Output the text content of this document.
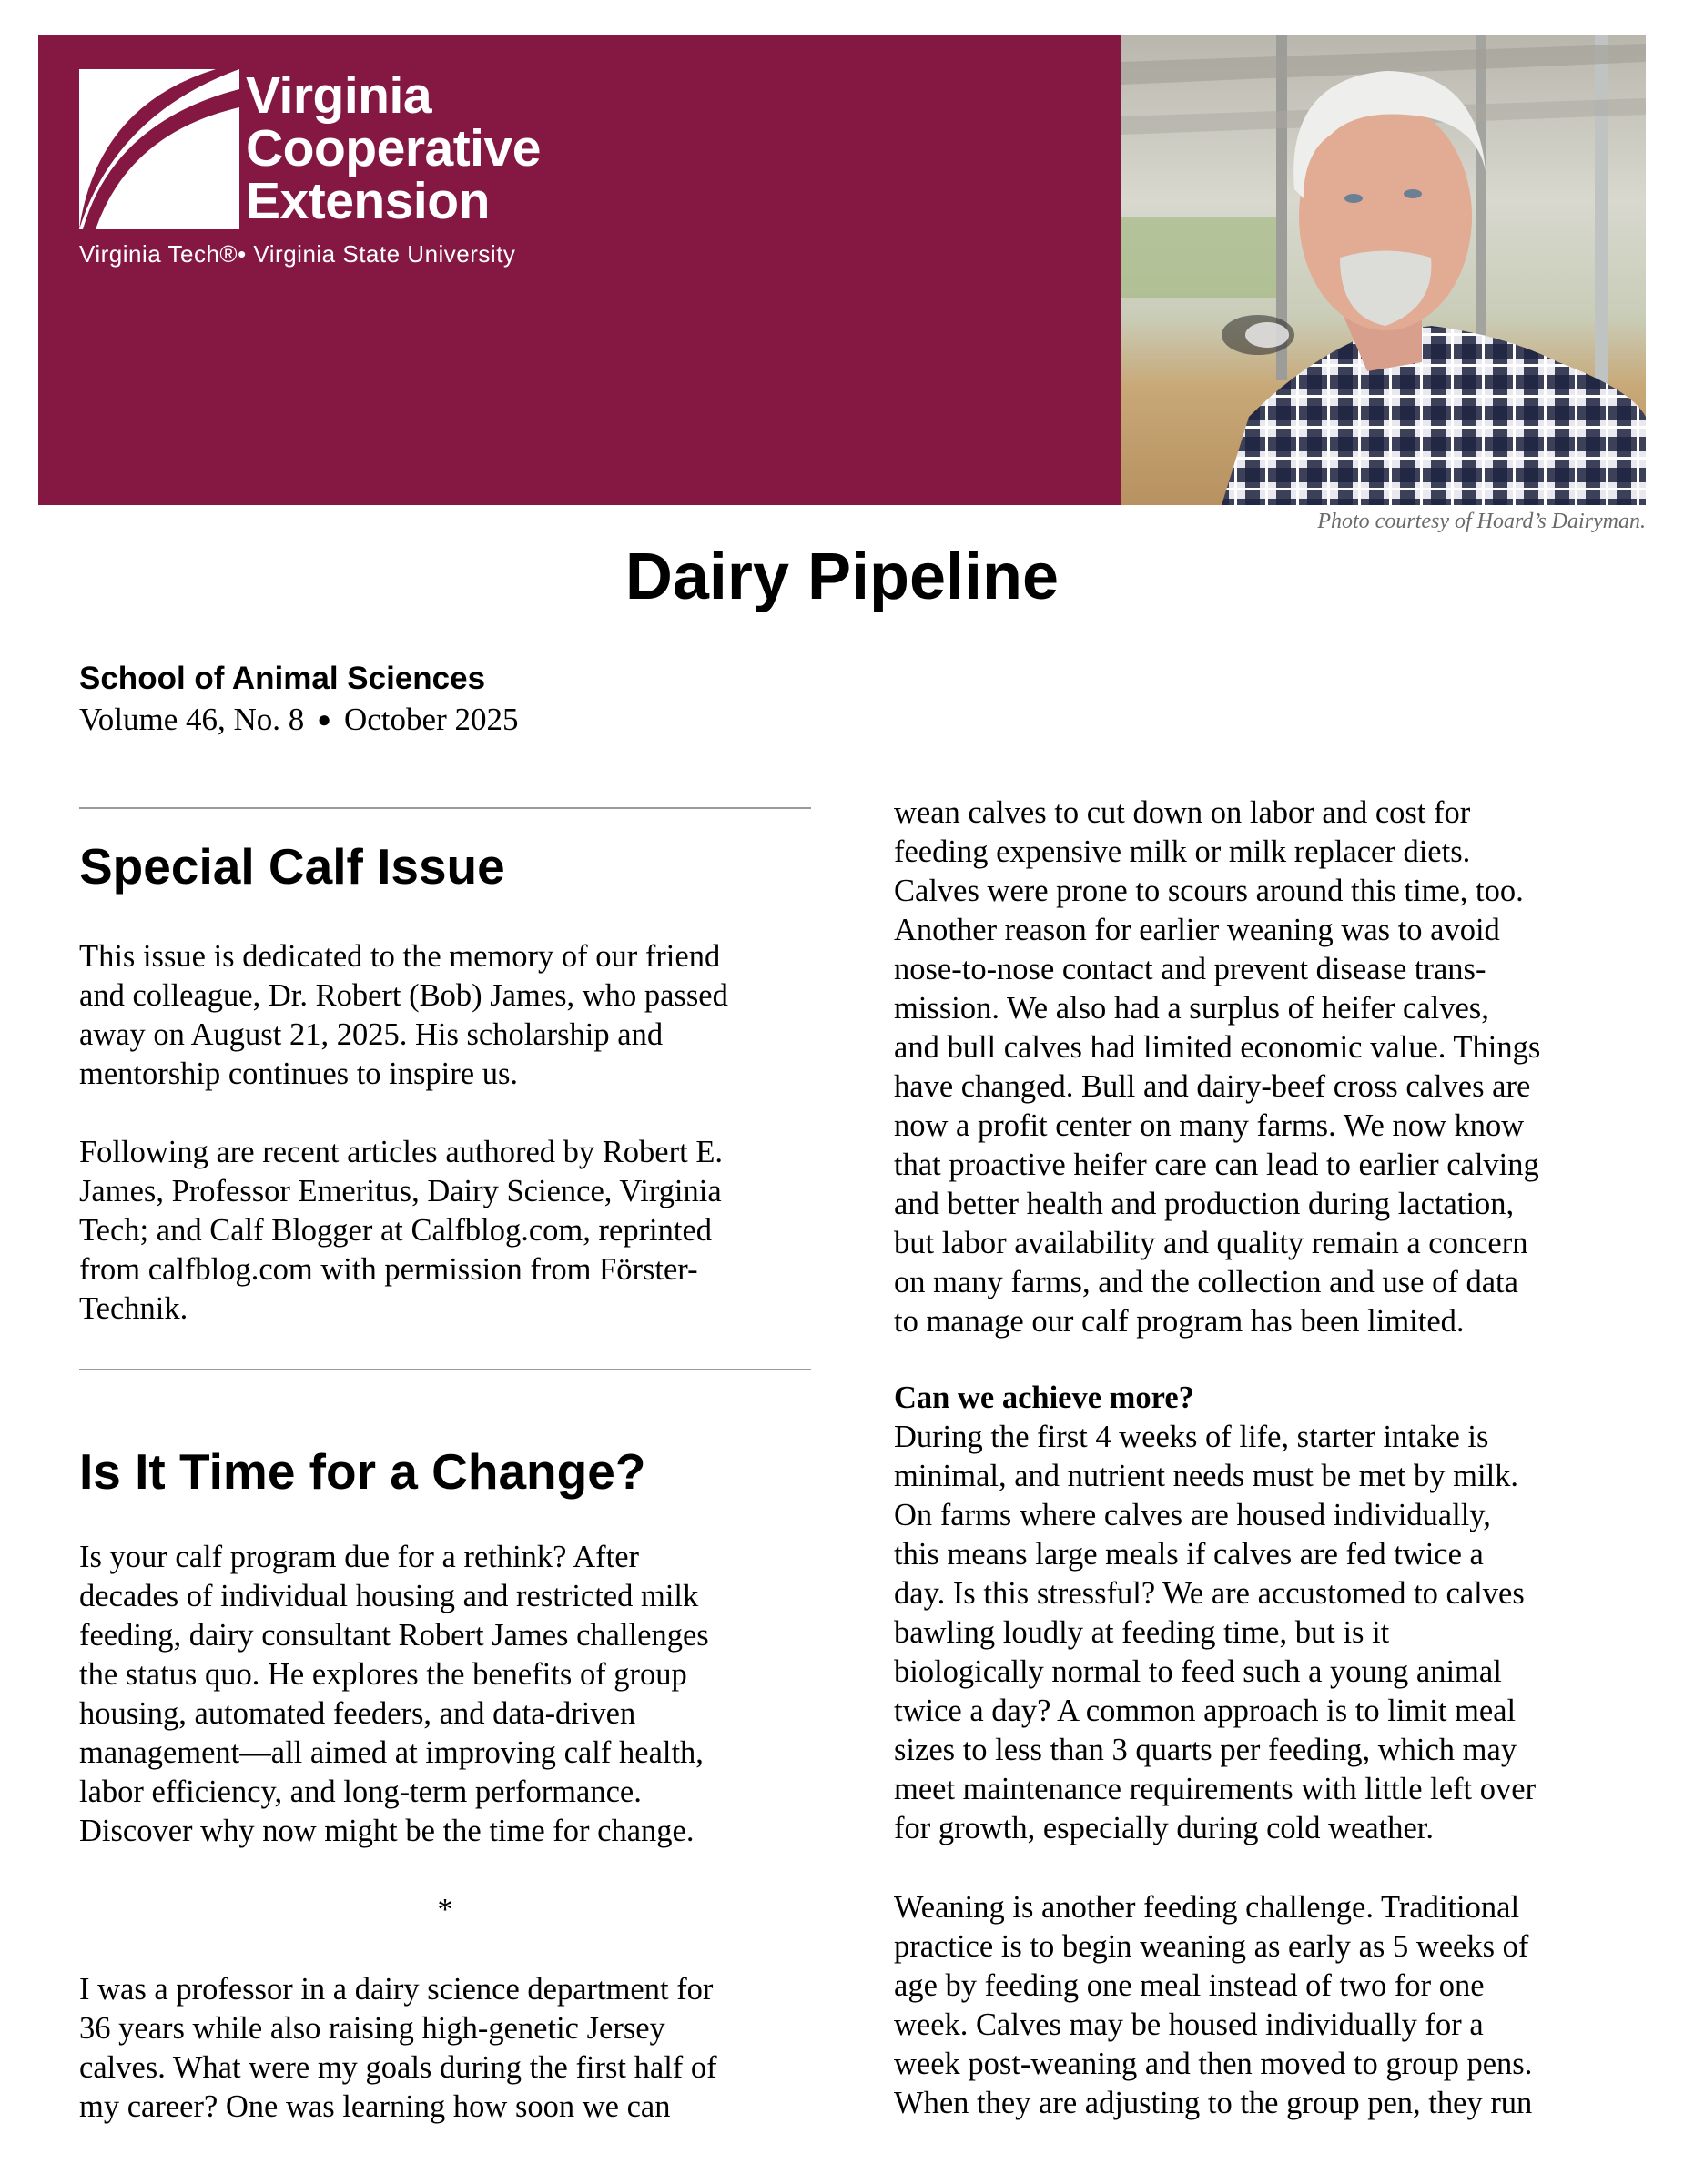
Virginia
Cooperative
Extension
Virginia Tech®• Virginia State University
Photo courtesy of Hoard’s Dairyman.
Dairy Pipeline
School of Animal Sciences
Volume 46, No. 8 ● October 2025
Special Calf Issue

This issue is dedicated to the memory of our friend
and colleague, Dr. Robert (Bob) James, who passed
away on August 21, 2025. His scholarship and
mentorship continues to inspire us.

Following are recent articles authored by Robert E.
James, Professor Emeritus, Dairy Science, Virginia
Tech; and Calf Blogger at Calfblog.com, reprinted
from calfblog.com with permission from Förster-
Technik.

Is It Time for a Change?

Is your calf program due for a rethink? After
decades of individual housing and restricted milk
feeding, dairy consultant Robert James challenges
the status quo. He explores the benefits of group
housing, automated feeders, and data-driven
management—all aimed at improving calf health,
labor efficiency, and long-term performance.
Discover why now might be the time for change.

*

I was a professor in a dairy science department for
36 years while also raising high-genetic Jersey
calves. What were my goals during the first half of
my career? One was learning how soon we can

wean calves to cut down on labor and cost for
feeding expensive milk or milk replacer diets.
Calves were prone to scours around this time, too.
Another reason for earlier weaning was to avoid
nose-to-nose contact and prevent disease trans-
mission. We also had a surplus of heifer calves,
and bull calves had limited economic value. Things
have changed. Bull and dairy-beef cross calves are
now a profit center on many farms. We now know
that proactive heifer care can lead to earlier calving
and better health and production during lactation,
but labor availability and quality remain a concern
on many farms, and the collection and use of data
to manage our calf program has been limited.

Can we achieve more?
During the first 4 weeks of life, starter intake is
minimal, and nutrient needs must be met by milk.
On farms where calves are housed individually,
this means large meals if calves are fed twice a
day. Is this stressful? We are accustomed to calves
bawling loudly at feeding time, but is it
biologically normal to feed such a young animal
twice a day? A common approach is to limit meal
sizes to less than 3 quarts per feeding, which may
meet maintenance requirements with little left over
for growth, especially during cold weather.

Weaning is another feeding challenge. Traditional
practice is to begin weaning as early as 5 weeks of
age by feeding one meal instead of two for one
week. Calves may be housed individually for a
week post-weaning and then moved to group pens.
When they are adjusting to the group pen, they run
